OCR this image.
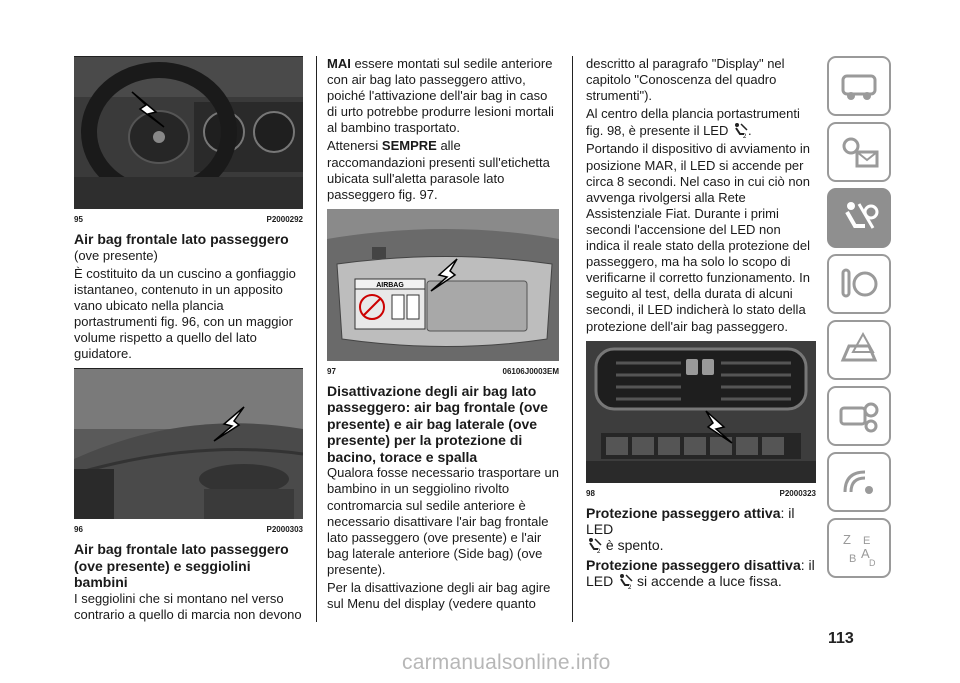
95	P2000292
Air bag frontale lato passeggero

(ove presente)

È costituito da un cuscino a gonfiaggio istantaneo, contenuto in un apposito vano ubicato nella plancia portastrumenti fig. 96, con un maggior volume rispetto a quello del lato guidatore.

96	P2000303
Air bag frontale lato passeggero (ove presente) e seggiolini bambini

I seggiolini che si montano nel verso contrario a quello di marcia non devono

MAI essere montati sul sedile anteriore con air bag lato passeggero attivo, poiché l'attivazione dell'air bag in caso di urto potrebbe produrre lesioni mortali al bambino trasportato.

Attenersi SEMPRE alle raccomandazioni presenti sull'etichetta ubicata sull'aletta parasole lato passeggero fig. 97.

AIRBAG
97	06106J0003EM
Disattivazione degli air bag lato passeggero: air bag frontale (ove presente) e air bag laterale (ove presente) per la protezione di bacino, torace e spalla

Qualora fosse necessario trasportare un bambino in un seggiolino rivolto contromarcia sul sedile anteriore è necessario disattivare l'air bag frontale lato passeggero (ove presente) e l'air bag laterale anteriore (Side bag) (ove presente).

Per la disattivazione degli air bag agire sul Menu del display (vedere quanto

descritto al paragrafo "Display" nel capitolo "Conoscenza del quadro strumenti").

Al centro della plancia portastrumenti fig. 98, è presente il LED 2 .

Portando il dispositivo di avviamento in posizione MAR, il LED si accende per circa 8 secondi. Nel caso in cui ciò non avvenga rivolgersi alla Rete Assistenziale Fiat. Durante i primi secondi l'accensione del LED non indica il reale stato della protezione del passeggero, ma ha solo lo scopo di verificarne il corretto funzionamento. In seguito al test, della durata di alcuni secondi, il LED indicherà lo stato della protezione dell'air bag passeggero.

98	P2000323

Protezione passeggero attiva: il LED

2 è spento.

Protezione passeggero disattiva: il
LED 2 si accende a luce fissa.

Z E
B A
D
113
carmanualsonline.info
